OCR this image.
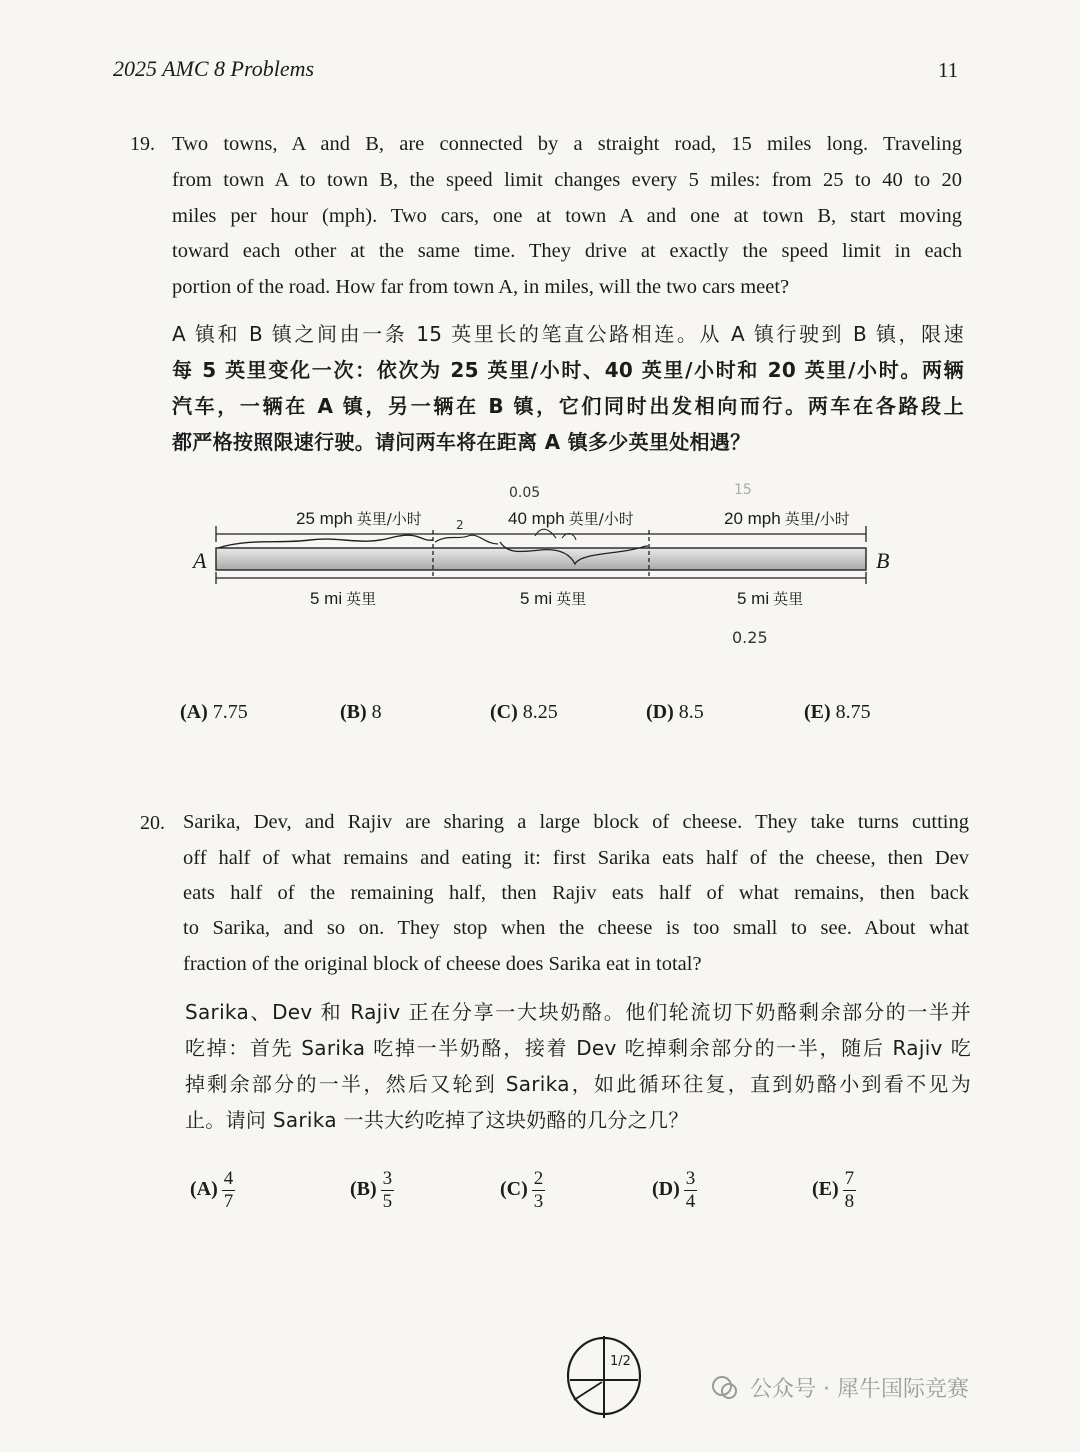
2025 AMC 8 Problems	11
19. Two towns, A and B, are connected by a straight road, 15 miles long. Traveling
from town A to town B, the speed limit changes every 5 miles: from 25 to 40 to 20
miles per hour (mph). Two cars, one at town A and one at town B, start moving
toward each other at the same time. They drive at exactly the speed limit in each
portion of the road. How far from town A, in miles, will the two cars meet?
A 镇和 B 镇之间由一条 15 英里长的笔直公路相连。从 A 镇行驶到 B 镇，限速
每 5 英里变化一次：依次为 25 英里/小时、40 英里/小时和 20 英里/小时。两辆
汽车，一辆在 A 镇，另一辆在 B 镇，它们同时出发相向而行。两车在各路段上
都严格按照限速行驶。请问两车将在距离 A 镇多少英里处相遇？
A	B
25 mph 英里/小时	40 mph 英里/小时	20 mph 英里/小时
5 mi 英里	5 mi 英里	5 mi 英里
0.05
2
15
0.25
(A) 7.75	(B) 8	(C) 8.25	(D) 8.5	(E) 8.75
20. Sarika, Dev, and Rajiv are sharing a large block of cheese. They take turns cutting
off half of what remains and eating it: first Sarika eats half of the cheese, then Dev
eats half of the remaining half, then Rajiv eats half of what remains, then back
to Sarika, and so on. They stop when the cheese is too small to see. About what
fraction of the original block of cheese does Sarika eat in total?
Sarika、Dev 和 Rajiv 正在分享一大块奶酪。他们轮流切下奶酪剩余部分的一半并
吃掉：首先 Sarika 吃掉一半奶酪，接着 Dev 吃掉剩余部分的一半，随后 Rajiv 吃
掉剩余部分的一半，然后又轮到 Sarika，如此循环往复，直到奶酪小到看不见为
止。请问 Sarika 一共大约吃掉了这块奶酪的几分之几？
$(A) \frac{4}{7}$	$(B) \frac{3}{5}$	$(C) \frac{2}{3}$	$(D) \frac{3}{4}$	$(E) \frac{7}{8}$
1/2
公众号 · 犀牛国际竞赛
